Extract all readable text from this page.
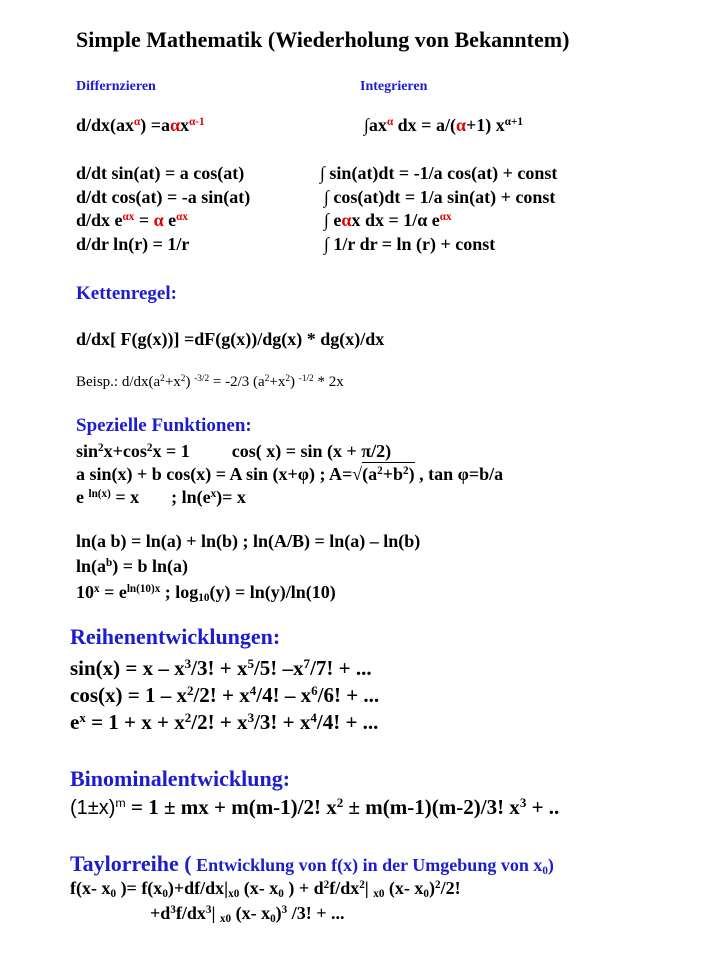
Simple Mathematik (Wiederholung von Bekanntem)
Differnzieren	Integrieren
$d/dx(ax^\alpha) =a\alpha x^{\alpha-1}$	$\int ax^\alpha$ dx = a/(α+1) $x^{\alpha+1}$
d/dt sin(at) = a cos(at)
d/dt cos(at) = -a sin(at)
d/dx $e^{\alpha x} = \alpha$ $e^{\alpha x}$
d/dr ln(r) = 1/r
∫ sin(at)dt = -1/a cos(at) + const
∫ cos(at)dt = 1/a sin(at) + const
∫ eαx dx = 1/α $e^{\alpha x}$
∫ 1/r dr = ln (r) + const
Kettenregel:
d/dx[ F(g(x))] =dF(g(x))/dg(x) * dg(x)/dx
Beisp.: $d/dx(a^2+x^2) ^{-3/2} = -2/3$ $(a^2+x^2)$ $^{-1/2}$ * 2x
Spezielle Funktionen:
$\sin^2x+\cos^2x = 1$ cos( x) = sin (x + π/2)
a sin(x) + b cos(x) = A sin (x+φ) ; $A=√(a^2+b^2)$ , tan φ=b/a
e $^{ln(x)}$ = x ; $\ln(e^x)= x$
ln(a b) = ln(a) + ln(b) ; ln(A/B) = ln(a) – ln(b)
$\ln(a^b) = b$ ln(a)
$10^x = e^{ln(10)x}$ ; $\log_{10}(y) = \ln(y)/\ln(10)$
Reihenentwicklungen:
$\sin(x) = x - x^3/3$! + $x^5/5$! $-x^7/7$! + ...
$\cos(x) = 1 - x^2/2$! + $x^4/4$! – $x^6/6$! + ...
$e^x = 1 + x + x^2/2$! + $x^3/3$! + $x^4/4$! + ...
Binominalentwicklung:
$(1\pm x)^m = 1$ ± mx + m(m-1)/2! $x^2 \pm m(m-1)(m-2)/3$! $x^3$ + ..
Taylorreihe ( Entwicklung von f(x) in der Umgebung von $x_0$)
f(x- $x_0$ )= $f(x_0)+df/dx|_{x0}$ (x- $x_0$ ) + $d^2f/dx^2|$ $_{x0}$ (x- $x_0)^2/2$!
$+d^3f/dx^3|$ $_{x0}$ (x- $x_0)^3$ /3! + ...
